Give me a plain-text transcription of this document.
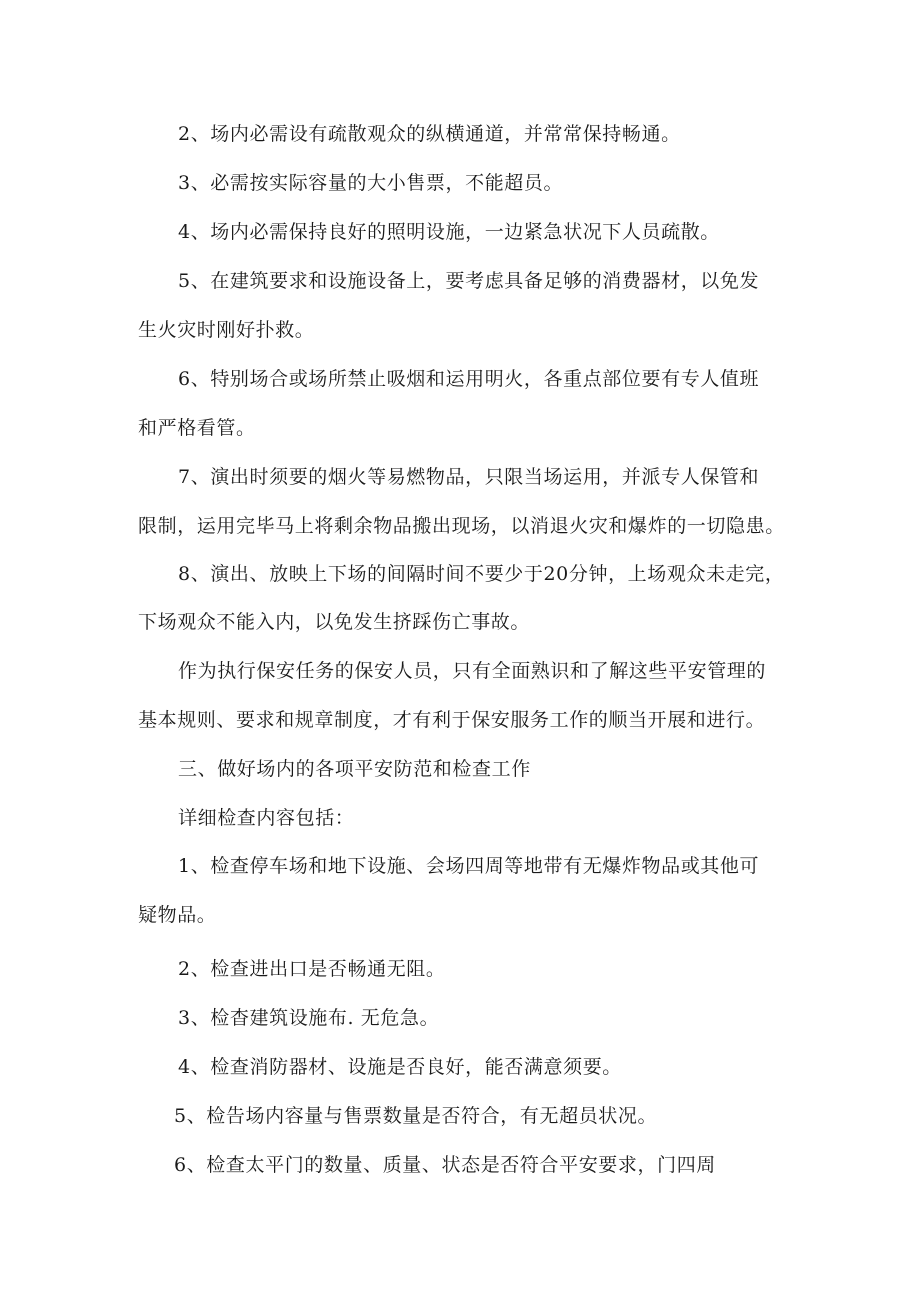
2、场内必需设有疏散观众的纵横通道，并常常保持畅通。
3、必需按实际容量的大小售票，不能超员。
4、场内必需保持良好的照明设施，一边紧急状况下人员疏散。
5、在建筑要求和设施设备上，要考虑具备足够的消费器材，以免发
生火灾时刚好扑救。
6、特别场合或场所禁止吸烟和运用明火，各重点部位要有专人值班
和严格看管。
7、演出时须要的烟火等易燃物品，只限当场运用，并派专人保管和
限制，运用完毕马上将剩余物品搬出现场，以消退火灾和爆炸的一切隐患。
8、演出、放映上下场的间隔时间不要少于20分钟，上场观众未走完，
下场观众不能入内，以免发生挤踩伤亡事故。
作为执行保安任务的保安人员，只有全面熟识和了解这些平安管理的
基本规则、要求和规章制度，才有利于保安服务工作的顺当开展和进行。
三、做好场内的各项平安防范和检查工作
详细检查内容包括：
1、检查停车场和地下设施、会场四周等地带有无爆炸物品或其他可
疑物品。
2、检查进出口是否畅通无阻。
3、检杳建筑设施布. 无危急。
4、检查消防器材、设施是否良好，能否满意须要。
5、检告场内容量与售票数量是否符合，有无超员状况。
6、检查太平门的数量、质量、状态是否符合平安要求，门四周
